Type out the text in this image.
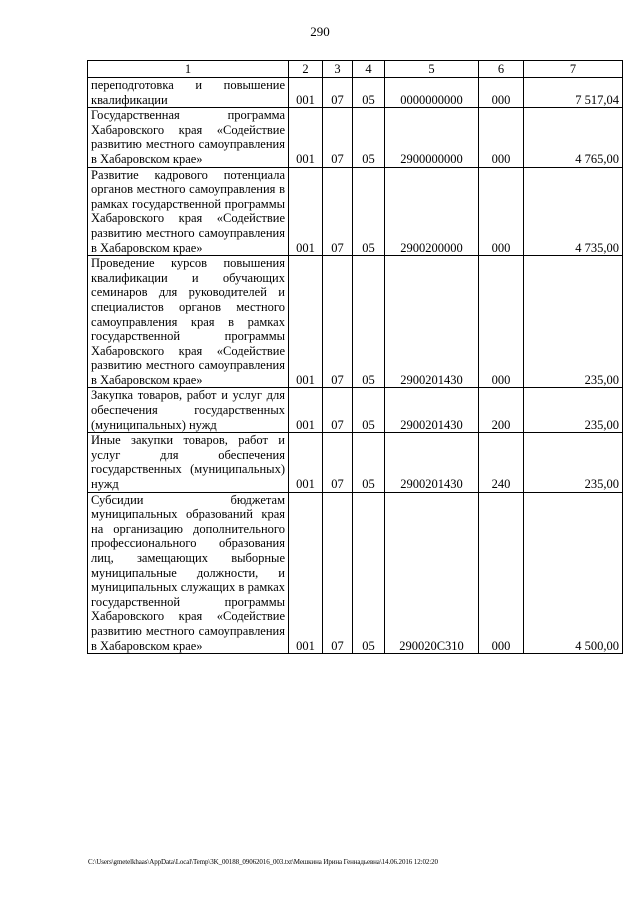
290
1	2	3	4	5	6	7
переподготовка и повышение квалификации	001	07	05	0000000000	000	7 517,04
Государственная программа Хабаровского края «Содействие развитию местного самоуправления в Хабаровском крае»	001	07	05	2900000000	000	4 765,00
Развитие кадрового потенциала органов местного самоуправления в рамках государственной программы Хабаровского края «Содействие развитию местного самоуправления в Хабаровском крае»	001	07	05	2900200000	000	4 735,00
Проведение курсов повышения квалификации и обучающих семинаров для руководителей и специалистов органов местного самоуправления края в рамках государственной программы Хабаровского края «Содействие развитию местного самоуправления в Хабаровском крае»	001	07	05	2900201430	000	235,00
Закупка товаров, работ и услуг для обеспечения государственных (муниципальных) нужд	001	07	05	2900201430	200	235,00
Иные закупки товаров, работ и услуг для обеспечения государственных (муниципальных) нужд	001	07	05	2900201430	240	235,00
Субсидии бюджетам муниципальных образований края на организацию дополнительного профессионального образования лиц, замещающих выборные муниципальные должности, и муниципальных служащих в рамках государственной программы Хабаровского края «Содействие развитию местного самоуправления в Хабаровском крае»	001	07	05	290020С310	000	4 500,00
C:\Users\gmetelkhaas\AppData\Local\Temp\3K_00188_09062016_003.txt\Мешкина Ирина Геннадьевна\14.06.2016 12:02:20
